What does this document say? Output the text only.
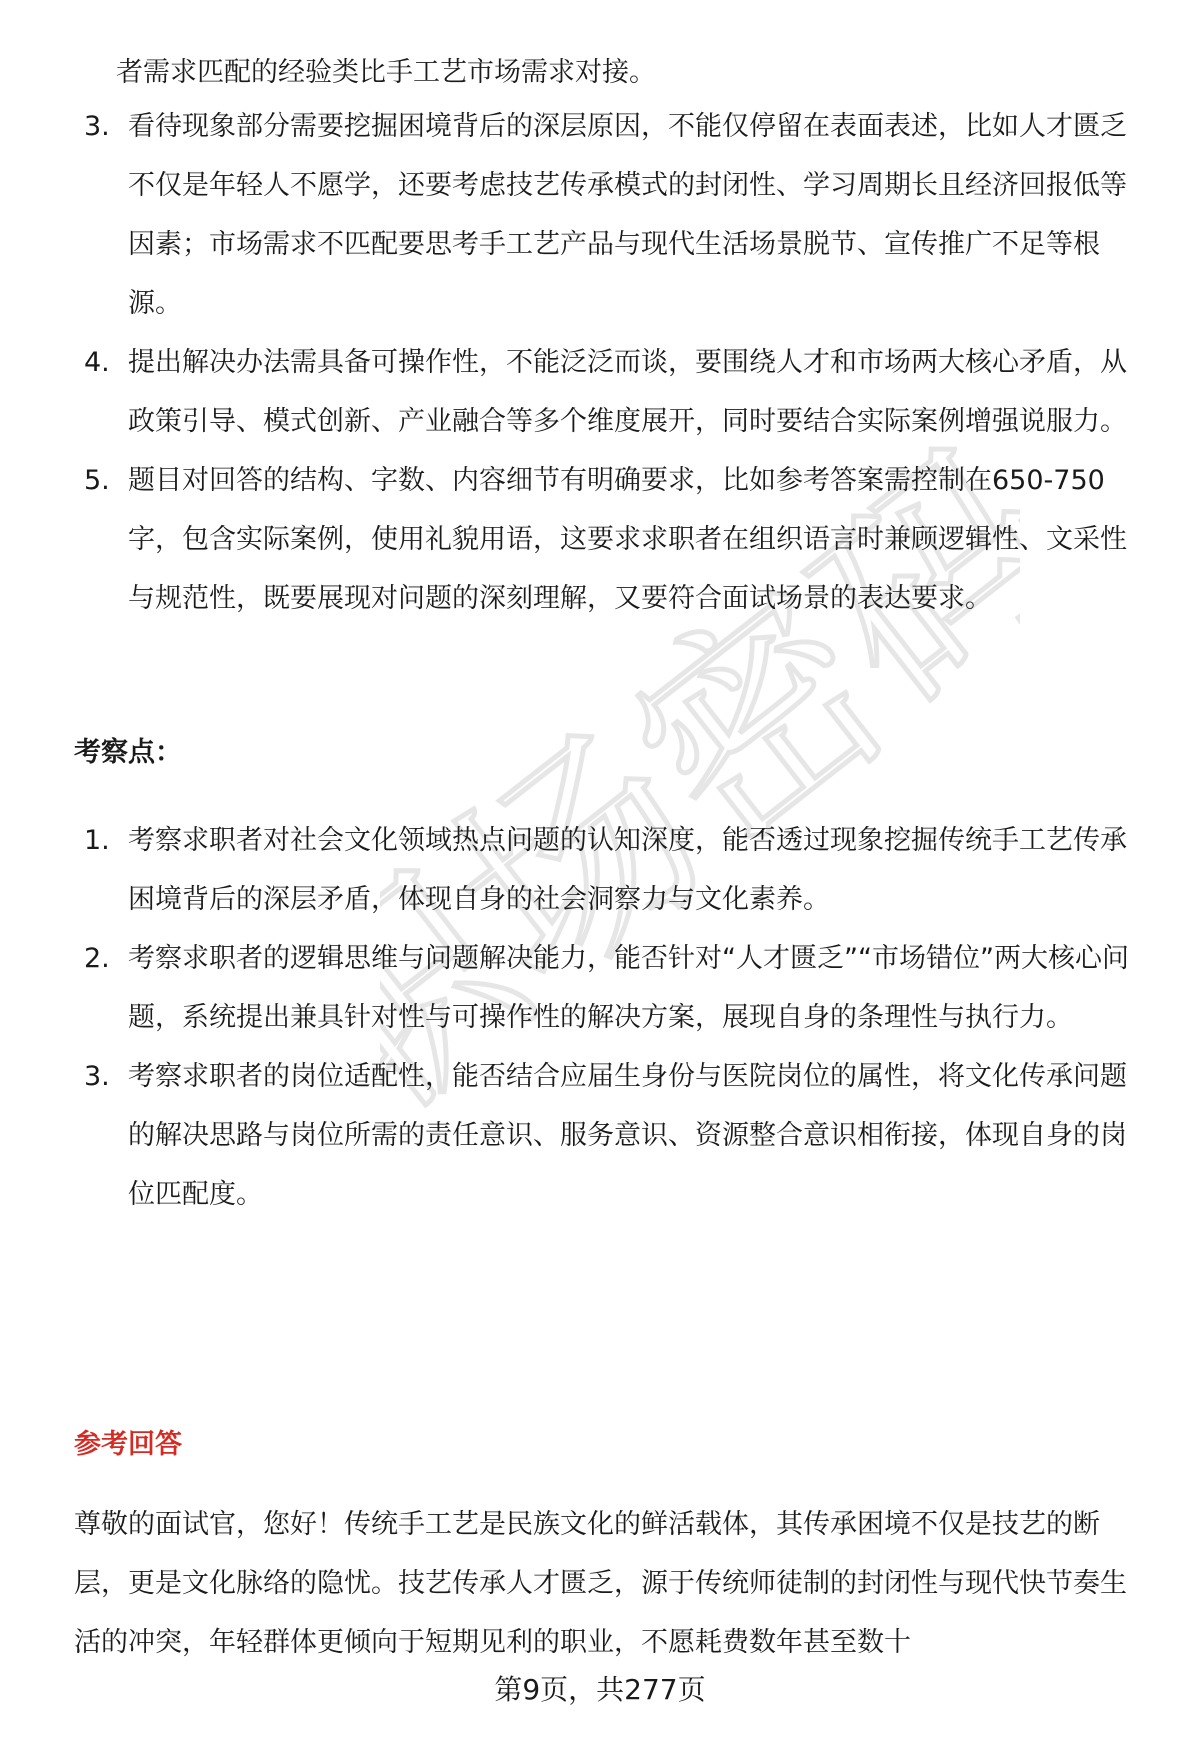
职场密码

者需求匹配的经验类比手工艺市场需求对接。

3. 看待现象部分需要挖掘困境背后的深层原因，不能仅停留在表面表述，比如人才匮乏不仅是年轻人不愿学，还要考虑技艺传承模式的封闭性、学习周期长且经济回报低等因素；市场需求不匹配要思考手工艺产品与现代生活场景脱节、宣传推广不足等根源。
4. 提出解决办法需具备可操作性，不能泛泛而谈，要围绕人才和市场两大核心矛盾，从政策引导、模式创新、产业融合等多个维度展开，同时要结合实际案例增强说服力。
5. 题目对回答的结构、字数、内容细节有明确要求，比如参考答案需控制在650-750字，包含实际案例，使用礼貌用语，这要求求职者在组织语言时兼顾逻辑性、文采性与规范性，既要展现对问题的深刻理解，又要符合面试场景的表达要求。
考察点：
1. 考察求职者对社会文化领域热点问题的认知深度，能否透过现象挖掘传统手工艺传承困境背后的深层矛盾，体现自身的社会洞察力与文化素养。
2. 考察求职者的逻辑思维与问题解决能力，能否针对“人才匮乏”“市场错位”两大核心问题，系统提出兼具针对性与可操作性的解决方案，展现自身的条理性与执行力。
3. 考察求职者的岗位适配性，能否结合应届生身份与医院岗位的属性，将文化传承问题的解决思路与岗位所需的责任意识、服务意识、资源整合意识相衔接，体现自身的岗位匹配度。
参考回答

尊敬的面试官，您好！传统手工艺是民族文化的鲜活载体，其传承困境不仅是技艺的断层，更是文化脉络的隐忧。技艺传承人才匮乏，源于传统师徒制的封闭性与现代快节奏生活的冲突，年轻群体更倾向于短期见利的职业，不愿耗费数年甚至数十

第9页，共277页
